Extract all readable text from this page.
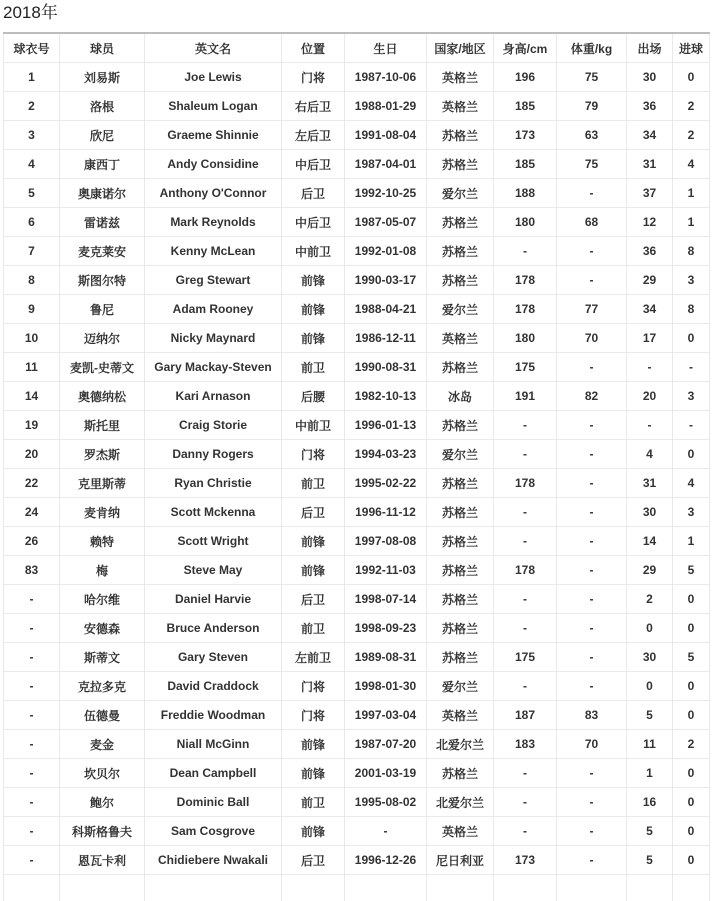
2018年
球衣号	球员	英文名	位置	生日	国家/地区	身高/cm	体重/kg	出场	进球
1	刘易斯	Joe Lewis	门将	1987-10-06	英格兰	196	75	30	0
2	洛根	Shaleum Logan	右后卫	1988-01-29	英格兰	185	79	36	2
3	欣尼	Graeme Shinnie	左后卫	1991-08-04	苏格兰	173	63	34	2
4	康西丁	Andy Considine	中后卫	1987-04-01	苏格兰	185	75	31	4
5	奥康诺尔	Anthony O'Connor	后卫	1992-10-25	爱尔兰	188	-	37	1
6	雷诺兹	Mark Reynolds	中后卫	1987-05-07	苏格兰	180	68	12	1
7	麦克莱安	Kenny McLean	中前卫	1992-01-08	苏格兰	-	-	36	8
8	斯图尔特	Greg Stewart	前锋	1990-03-17	苏格兰	178	-	29	3
9	鲁尼	Adam Rooney	前锋	1988-04-21	爱尔兰	178	77	34	8
10	迈纳尔	Nicky Maynard	前锋	1986-12-11	英格兰	180	70	17	0
11	麦凯-史蒂文	Gary Mackay-Steven	前卫	1990-08-31	苏格兰	175	-	-	-
14	奥德纳松	Kari Arnason	后腰	1982-10-13	冰岛	191	82	20	3
19	斯托里	Craig Storie	中前卫	1996-01-13	苏格兰	-	-	-	-
20	罗杰斯	Danny Rogers	门将	1994-03-23	爱尔兰	-	-	4	0
22	克里斯蒂	Ryan Christie	前卫	1995-02-22	苏格兰	178	-	31	4
24	麦肯纳	Scott Mckenna	后卫	1996-11-12	苏格兰	-	-	30	3
26	赖特	Scott Wright	前锋	1997-08-08	苏格兰	-	-	14	1
83	梅	Steve May	前锋	1992-11-03	苏格兰	178	-	29	5
-	哈尔维	Daniel Harvie	后卫	1998-07-14	苏格兰	-	-	2	0
-	安德森	Bruce Anderson	前卫	1998-09-23	苏格兰	-	-	0	0
-	斯蒂文	Gary Steven	左前卫	1989-08-31	苏格兰	175	-	30	5
-	克拉多克	David Craddock	门将	1998-01-30	爱尔兰	-	-	0	0
-	伍德曼	Freddie Woodman	门将	1997-03-04	英格兰	187	83	5	0
-	麦金	Niall McGinn	前锋	1987-07-20	北爱尔兰	183	70	11	2
-	坎贝尔	Dean Campbell	前锋	2001-03-19	苏格兰	-	-	1	0
-	鲍尔	Dominic Ball	前卫	1995-08-02	北爱尔兰	-	-	16	0
-	科斯格鲁夫	Sam Cosgrove	前锋	-	英格兰	-	-	5	0
-	恩瓦卡利	Chidiebere Nwakali	后卫	1996-12-26	尼日利亚	173	-	5	0
